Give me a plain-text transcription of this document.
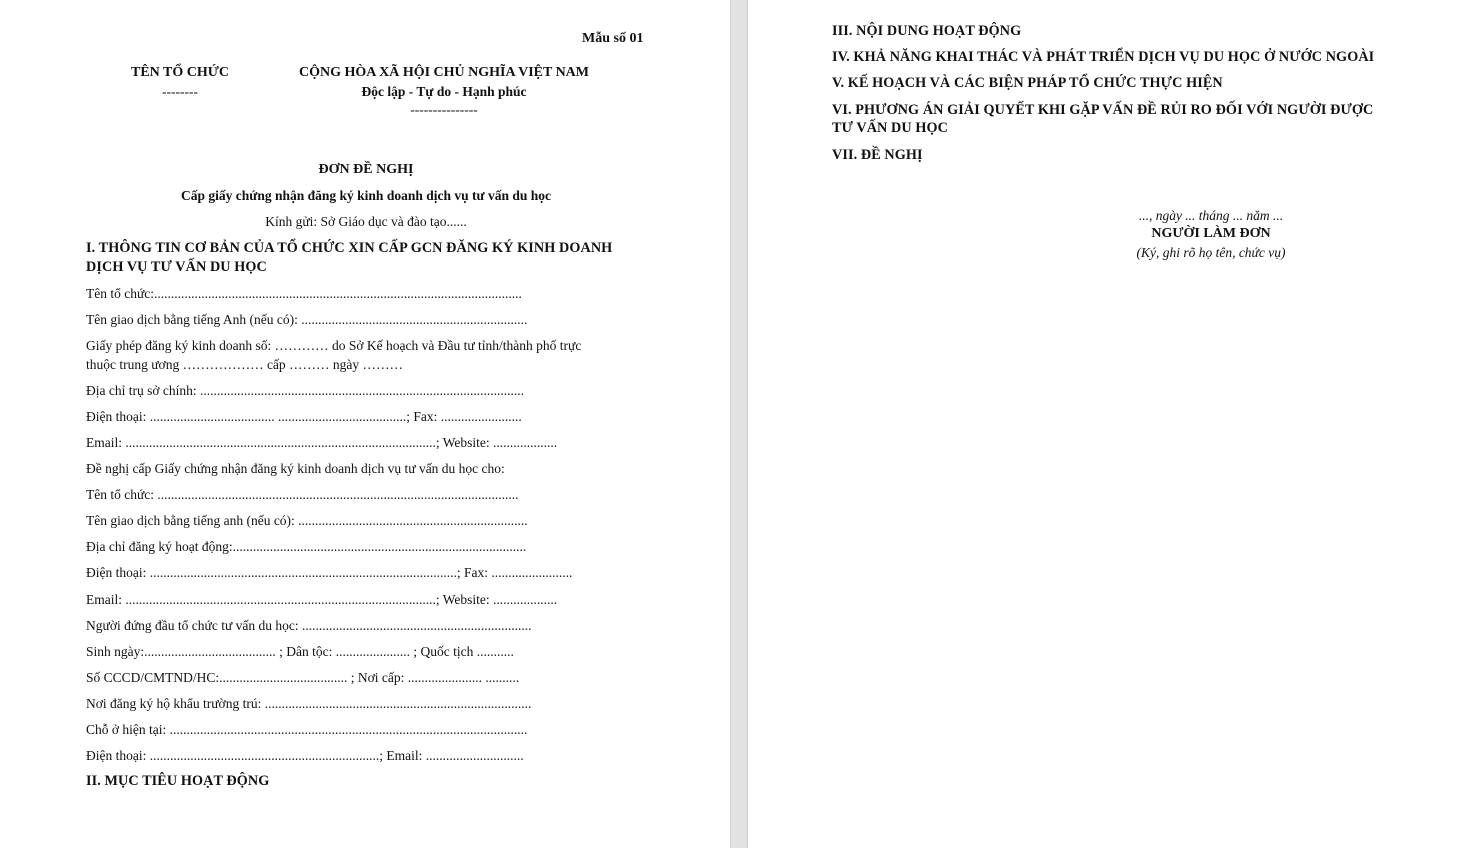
Mẫu số 01
TÊN TỔ CHỨC
--------
CỘNG HÒA XÃ HỘI CHỦ NGHĨA VIỆT NAM
Độc lập - Tự do - Hạnh phúc
---------------
ĐƠN ĐỀ NGHỊ
Cấp giấy chứng nhận đăng ký kinh doanh dịch vụ tư vấn du học
Kính gửi: Sở Giáo dục và đào tạo......
I. THÔNG TIN CƠ BẢN CỦA TỔ CHỨC XIN CẤP GCN ĐĂNG KÝ KINH DOANH
DỊCH VỤ TƯ VẤN DU HỌC
Tên tổ chức:.............................................................................................................
Tên giao dịch bằng tiếng Anh (nếu có): ...................................................................
Giấy phép đăng ký kinh doanh số: ………… do Sở Kế hoạch và Đầu tư tỉnh/thành phố trực
thuộc trung ương ……………… cấp ……… ngày ………
Địa chỉ trụ sở chính: ................................................................................................
Điện thoại: ..................................... ......................................; Fax: ........................
Email: ............................................................................................; Website: ...................
Đề nghị cấp Giấy chứng nhận đăng ký kinh doanh dịch vụ tư vấn du học cho:
Tên tổ chức: ...........................................................................................................
Tên giao dịch bằng tiếng anh (nếu có): ....................................................................
Địa chỉ đăng ký hoạt động:.......................................................................................
Điện thoại: ...........................................................................................; Fax: ........................
Email: ............................................................................................; Website: ...................
Người đứng đầu tổ chức tư vấn du học: ....................................................................
Sinh ngày:....................................... ; Dân tộc: ...................... ; Quốc tịch ...........
Số CCCD/CMTND/HC:...................................... ; Nơi cấp: ...................... ..........
Nơi đăng ký hộ khẩu trường trú: ...............................................................................
Chỗ ở hiện tại: ..........................................................................................................
Điện thoại: ....................................................................; Email: .............................
II. MỤC TIÊU HOẠT ĐỘNG
III. NỘI DUNG HOẠT ĐỘNG
IV. KHẢ NĂNG KHAI THÁC VÀ PHÁT TRIỂN DỊCH VỤ DU HỌC Ở NƯỚC NGOÀI
V. KẾ HOẠCH VÀ CÁC BIỆN PHÁP TỔ CHỨC THỰC HIỆN
VI. PHƯƠNG ÁN GIẢI QUYẾT KHI GẶP VẤN ĐỀ RỦI RO ĐỐI VỚI NGƯỜI ĐƯỢC
TƯ VẤN DU HỌC
VII. ĐỀ NGHỊ
..., ngày ... tháng ... năm ...
NGƯỜI LÀM ĐƠN
(Ký, ghi rõ họ tên, chức vụ)
